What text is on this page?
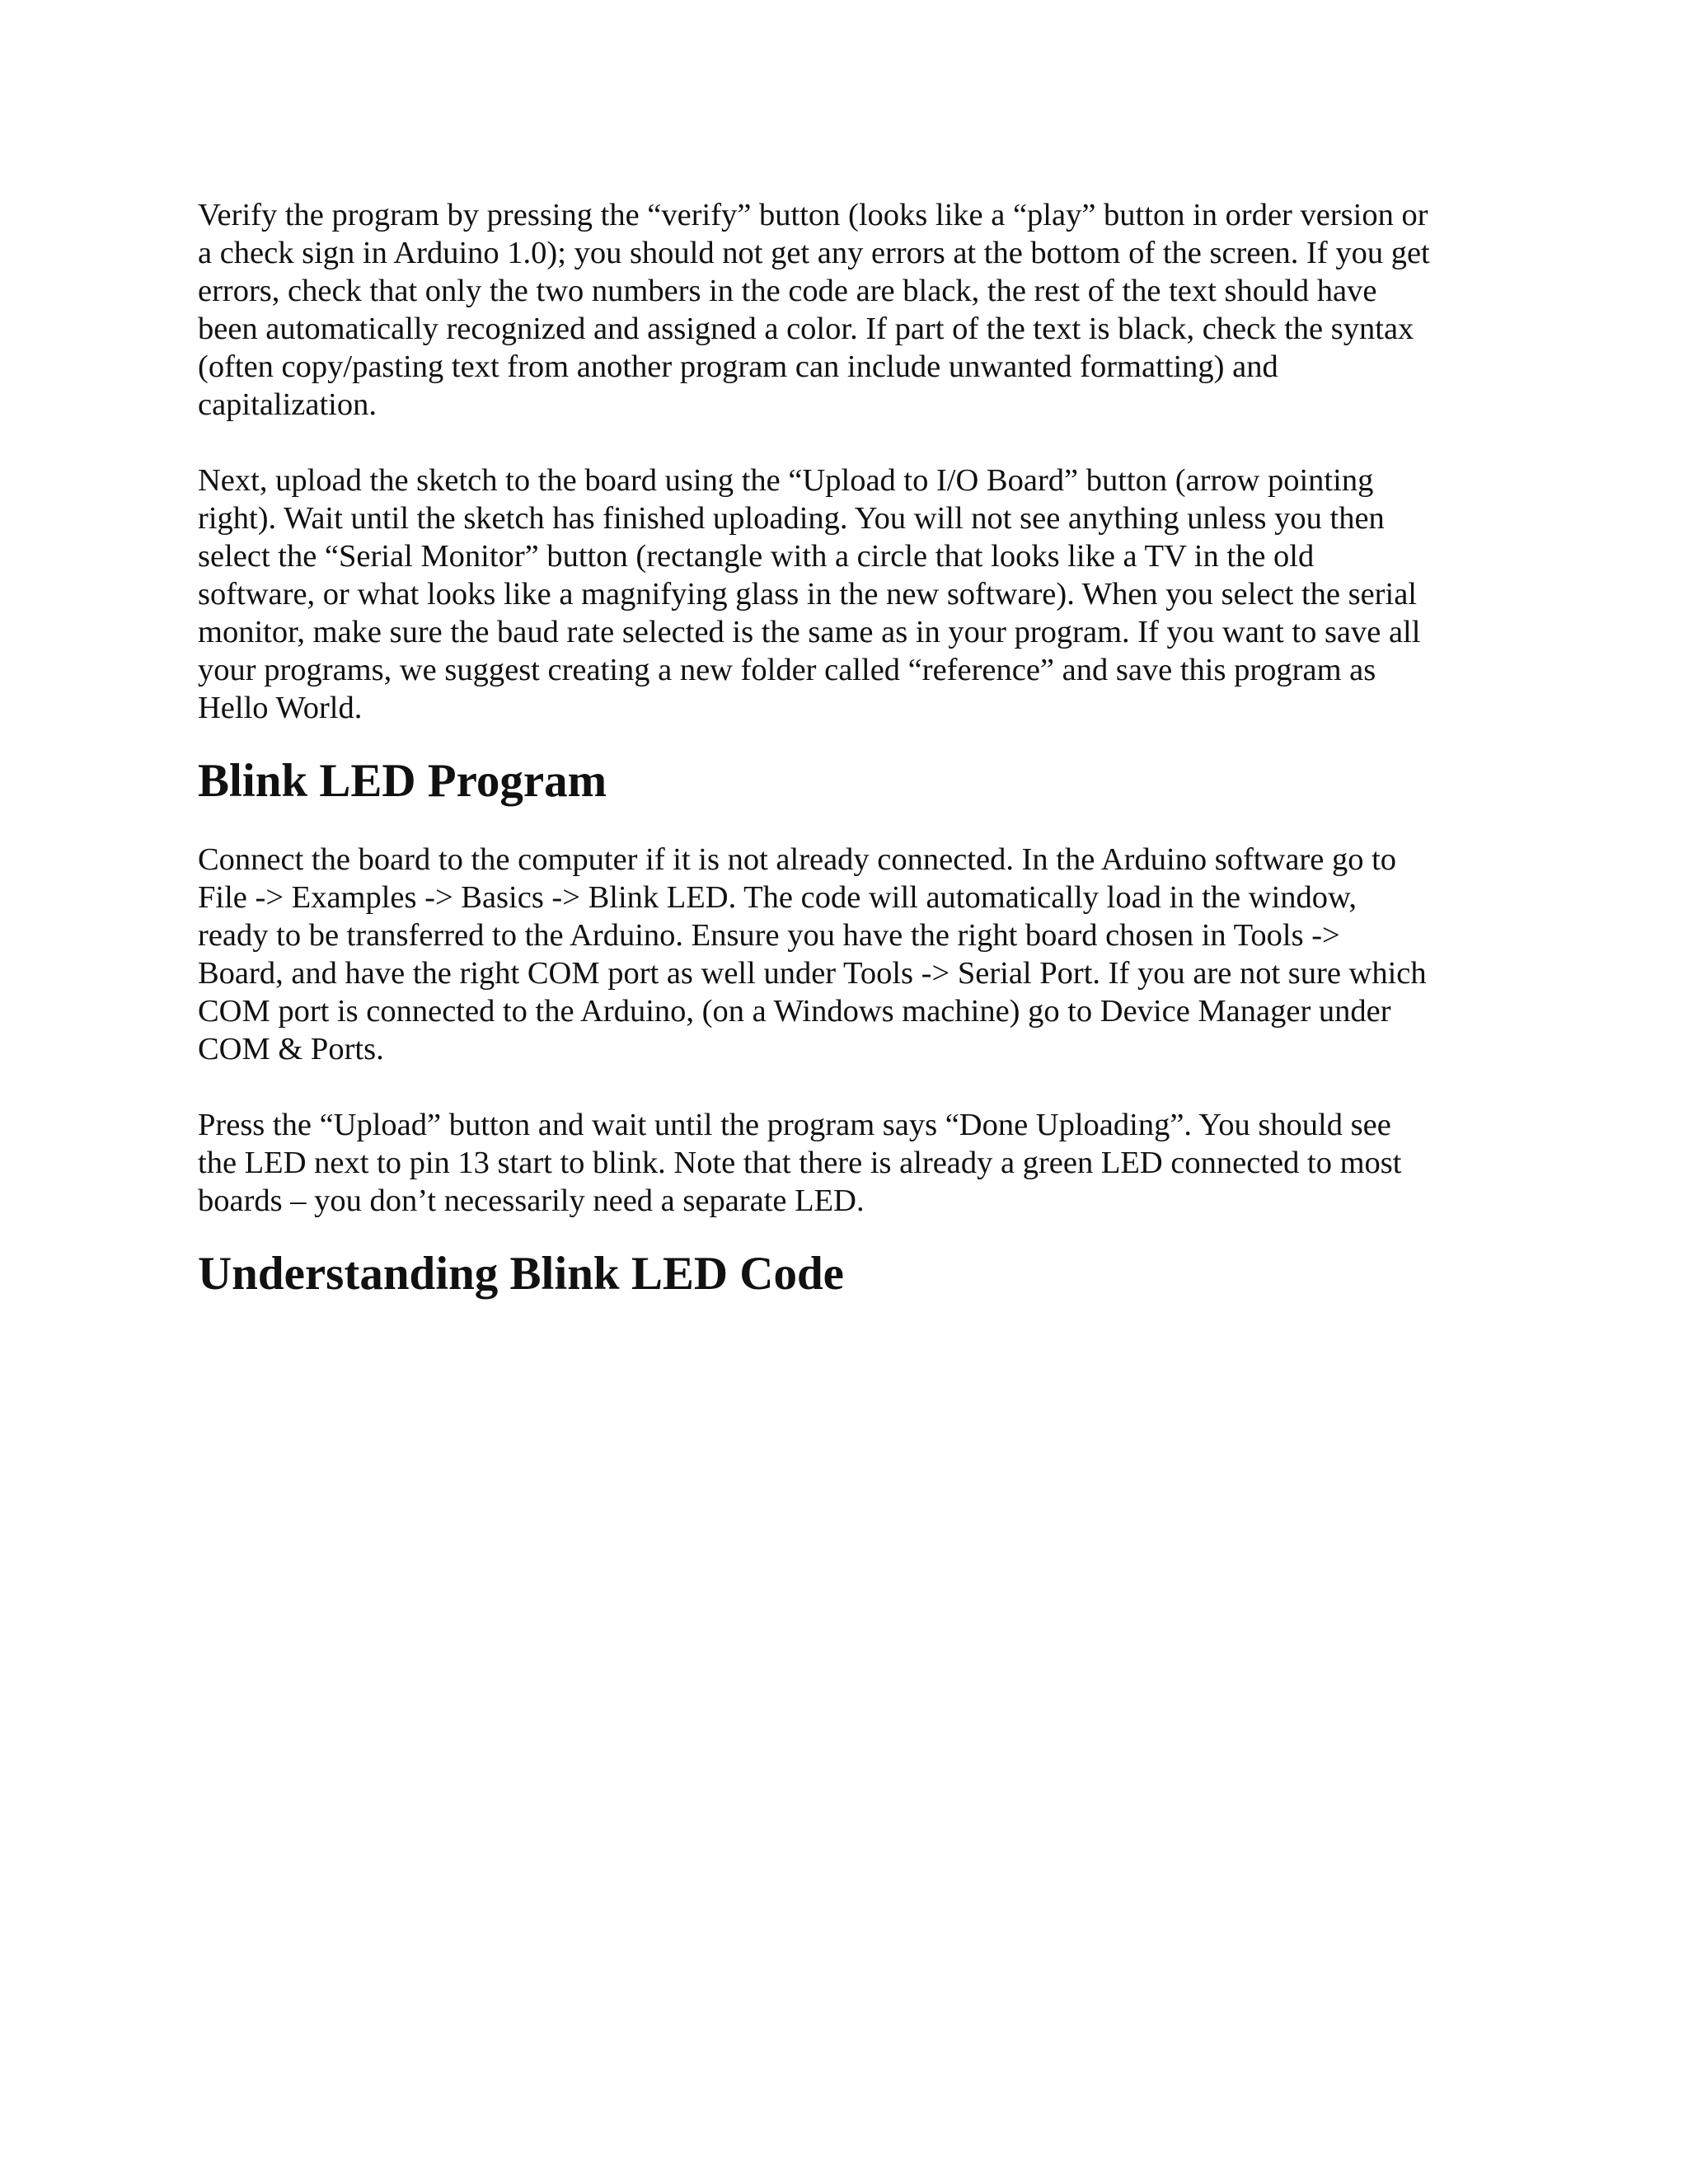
Verify the program by pressing the “verify” button (looks like a “play” button in order version or
a check sign in Arduino 1.0); you should not get any errors at the bottom of the screen. If you get
errors, check that only the two numbers in the code are black, the rest of the text should have
been automatically recognized and assigned a color. If part of the text is black, check the syntax
(often copy/pasting text from another program can include unwanted formatting) and
capitalization.

Next, upload the sketch to the board using the “Upload to I/O Board” button (arrow pointing
right). Wait until the sketch has finished uploading. You will not see anything unless you then
select the “Serial Monitor” button (rectangle with a circle that looks like a TV in the old
software, or what looks like a magnifying glass in the new software). When you select the serial
monitor, make sure the baud rate selected is the same as in your program. If you want to save all
your programs, we suggest creating a new folder called “reference” and save this program as
Hello World.

Blink LED Program

Connect the board to the computer if it is not already connected. In the Arduino software go to
File -> Examples -> Basics -> Blink LED. The code will automatically load in the window,
ready to be transferred to the Arduino. Ensure you have the right board chosen in Tools ->
Board, and have the right COM port as well under Tools -> Serial Port. If you are not sure which
COM port is connected to the Arduino, (on a Windows machine) go to Device Manager under
COM & Ports.

Press the “Upload” button and wait until the program says “Done Uploading”. You should see
the LED next to pin 13 start to blink. Note that there is already a green LED connected to most
boards – you don’t necessarily need a separate LED.

Understanding Blink LED Code
